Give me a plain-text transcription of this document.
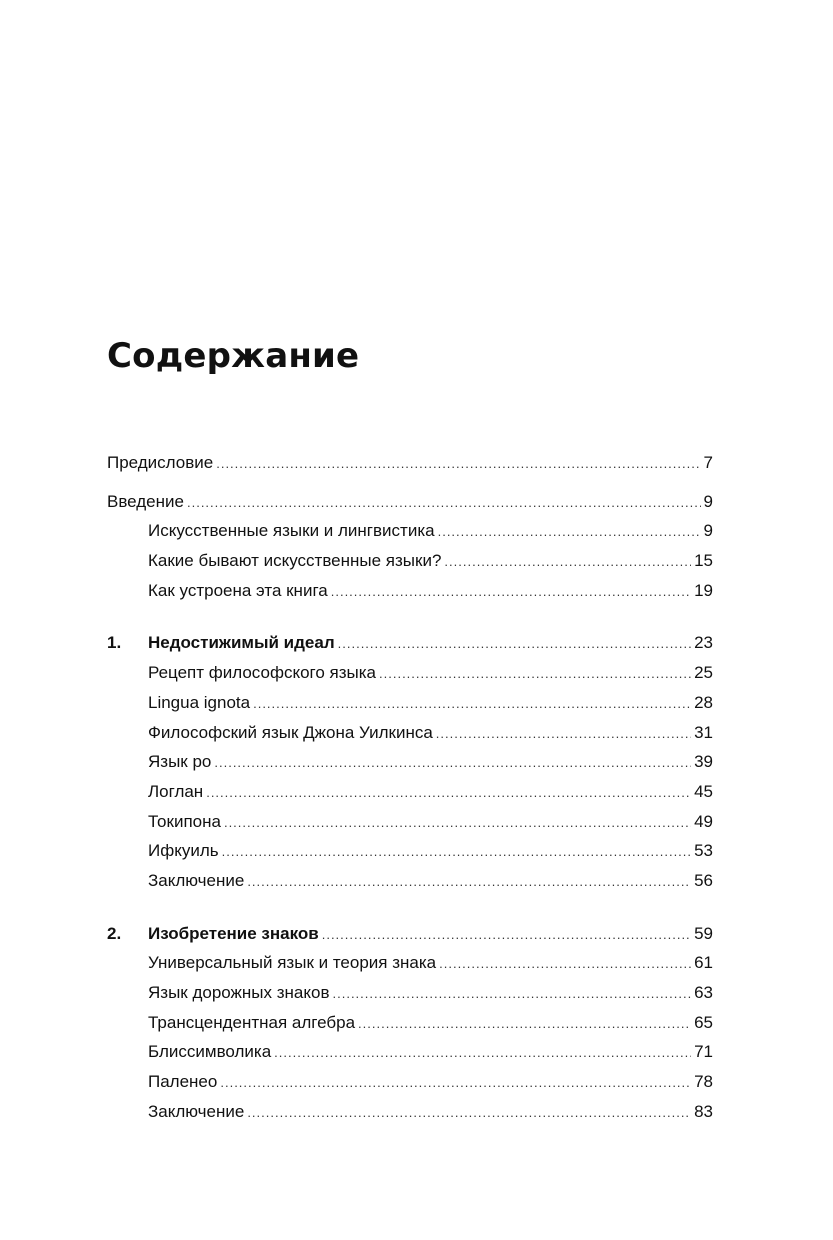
Содержание
Предисловие .....	7
Введение .....	9
Искусственные языки и лингвистика .....	9
Какие бывают искусственные языки? .....	15
Как устроена эта книга .....	19
1.	Недостижимый идеал .....	23
Рецепт философского языка .....	25
Lingua ignota .....	28
Философский язык Джона Уилкинса .....	31
Язык ро .....	39
Логлан .....	45
Токипона .....	49
Ифкуиль .....	53
Заключение .....	56
2.	Изобретение знаков .....	59
Универсальный язык и теория знака .....	61
Язык дорожных знаков .....	63
Трансцендентная алгебра .....	65
Блиссимволика .....	71
Паленео .....	78
Заключение .....	83
